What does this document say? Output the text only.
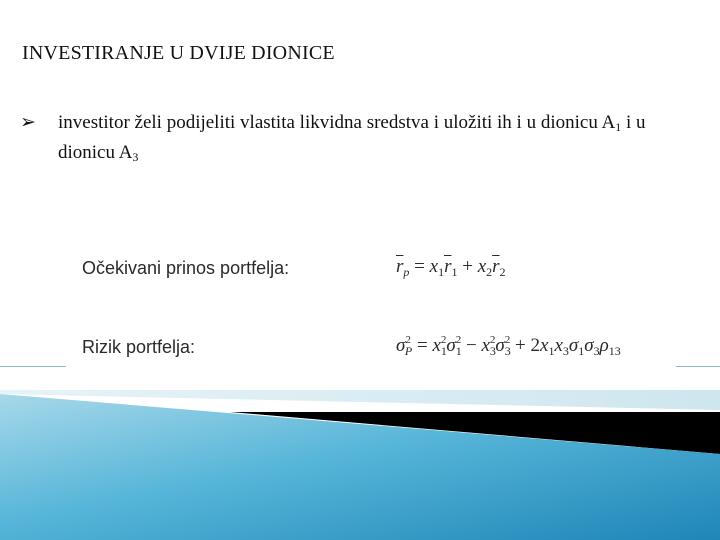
INVESTIRANJE U DVIJE DIONICE
➢ investitor želi podijeliti vlastita likvidna sredstva i uložiti ih i u dionicu $A_1$ i u dionicu $A_3$
Očekivani prinos portfelja:	$\overline{r}_p = x_1\overline{r}_1 + x_2\overline{r}_2$
Rizik portfelja:	$\sigma^2_P = x_1^2\sigma_1^2 - x_3^2\sigma_3^2 + 2x_1x_3\sigma_1\sigma_3\rho_{13}$
